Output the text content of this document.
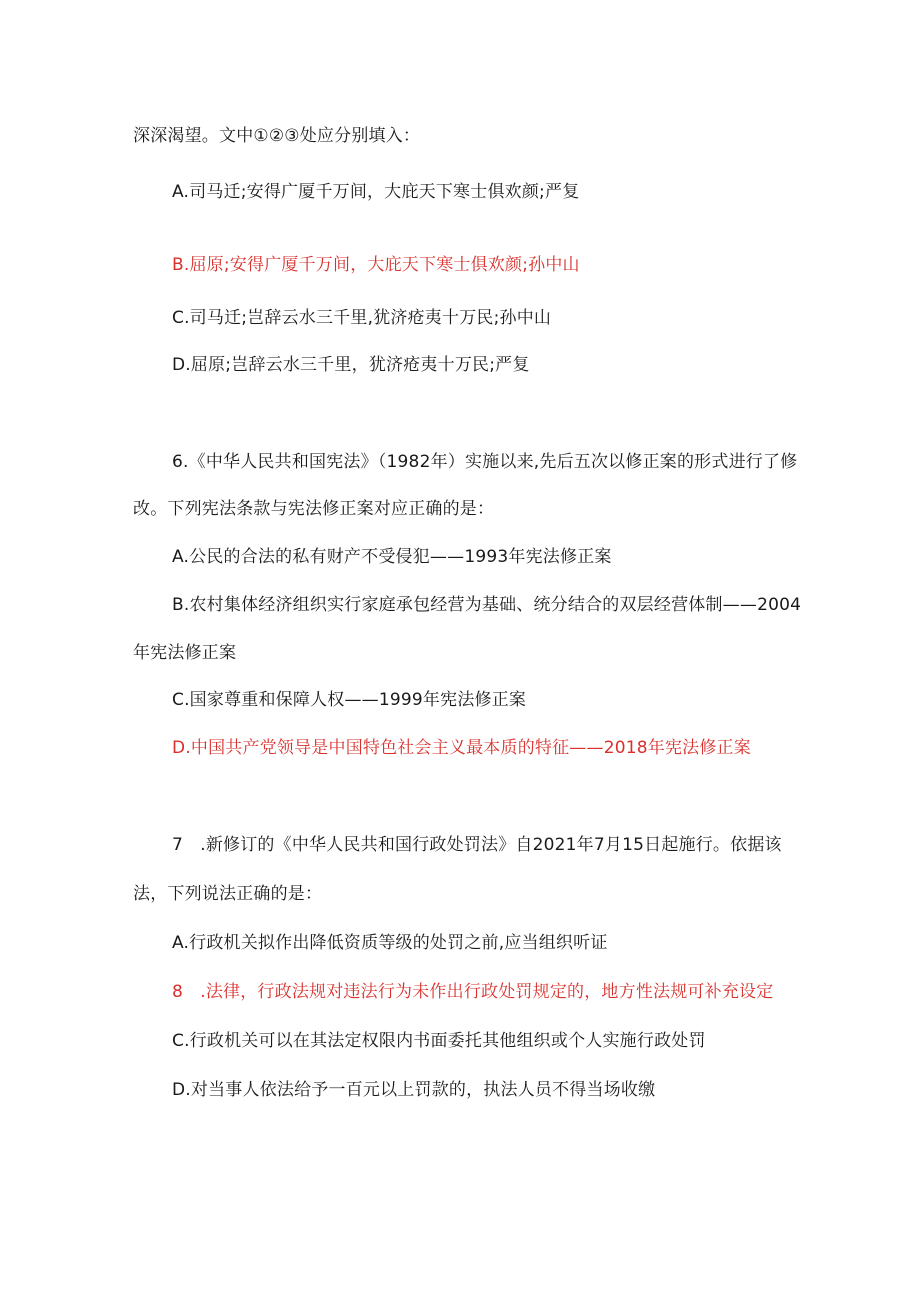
深深渴望。文中①②③处应分别填入：
A.司马迁;安得广厦千万间，大庇天下寒士俱欢颜;严复
B.屈原;安得广厦千万间，大庇天下寒士俱欢颜;孙中山
C.司马迁;岂辞云水三千里,犹济疮夷十万民;孙中山
D.屈原;岂辞云水三千里，犹济疮夷十万民;严复
6.《中华人民共和国宪法》（1982年）实施以来,先后五次以修正案的形式进行了修
改。下列宪法条款与宪法修正案对应正确的是：
A.公民的合法的私有财产不受侵犯——1993年宪法修正案
B.农村集体经济组织实行家庭承包经营为基础、统分结合的双层经营体制——2004
年宪法修正案
C.国家尊重和保障人权——1999年宪法修正案
D.中国共产党领导是中国特色社会主义最本质的特征——2018年宪法修正案
7　.新修订的《中华人民共和国行政处罚法》自2021年7月15日起施行。依据该
法，下列说法正确的是：
A.行政机关拟作出降低资质等级的处罚之前,应当组织听证
8　.法律，行政法规对违法行为未作出行政处罚规定的，地方性法规可补充设定
C.行政机关可以在其法定权限内书面委托其他组织或个人实施行政处罚
D.对当事人依法给予一百元以上罚款的，执法人员不得当场收缴
